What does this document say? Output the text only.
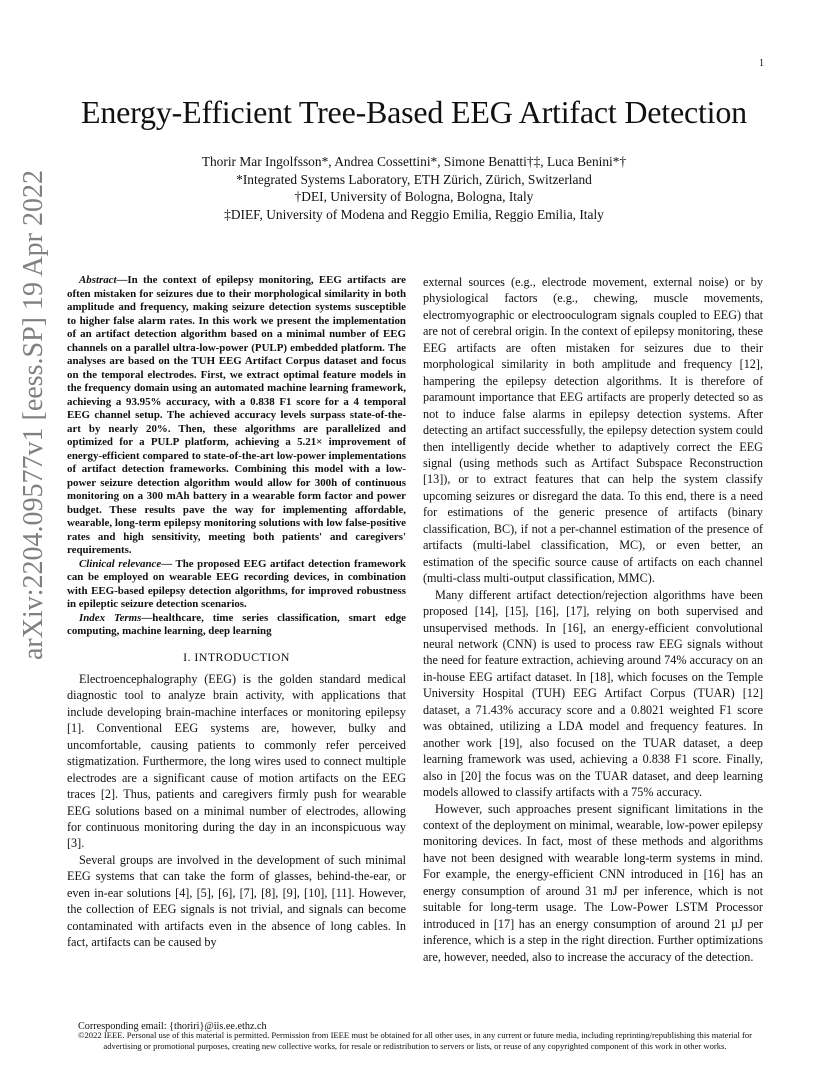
1
arXiv:2204.09577v1 [eess.SP] 19 Apr 2022
Energy-Efficient Tree-Based EEG Artifact Detection
Thorir Mar Ingolfsson*, Andrea Cossettini*, Simone Benatti†‡, Luca Benini*†
*Integrated Systems Laboratory, ETH Zürich, Zürich, Switzerland
†DEI, University of Bologna, Bologna, Italy
‡DIEF, University of Modena and Reggio Emilia, Reggio Emilia, Italy

Abstract—In the context of epilepsy monitoring, EEG artifacts are often mistaken for seizures due to their morphological similarity in both amplitude and frequency, making seizure detection systems susceptible to higher false alarm rates. In this work we present the implementation of an artifact detection algorithm based on a minimal number of EEG channels on a parallel ultra-low-power (PULP) embedded platform. The analyses are based on the TUH EEG Artifact Corpus dataset and focus on the temporal electrodes. First, we extract optimal feature models in the frequency domain using an automated machine learning framework, achieving a 93.95% accuracy, with a 0.838 F1 score for a 4 temporal EEG channel setup. The achieved accuracy levels surpass state-of-the-art by nearly 20%. Then, these algorithms are parallelized and optimized for a PULP platform, achieving a 5.21× improvement of energy-efficient compared to state-of-the-art low-power implementations of artifact detection frameworks. Combining this model with a low-power seizure detection algorithm would allow for 300h of continuous monitoring on a 300 mAh battery in a wearable form factor and power budget. These results pave the way for implementing affordable, wearable, long-term epilepsy monitoring solutions with low false-positive rates and high sensitivity, meeting both patients' and caregivers' requirements.

Clinical relevance— The proposed EEG artifact detection framework can be employed on wearable EEG recording devices, in combination with EEG-based epilepsy detection algorithms, for improved robustness in epileptic seizure detection scenarios.

Index Terms—healthcare, time series classification, smart edge computing, machine learning, deep learning

I. INTRODUCTION

Electroencephalography (EEG) is the golden standard medical diagnostic tool to analyze brain activity, with applications that include developing brain-machine interfaces or monitoring epilepsy [1]. Conventional EEG systems are, however, bulky and uncomfortable, causing patients to commonly refer perceived stigmatization. Furthermore, the long wires used to connect multiple electrodes are a significant cause of motion artifacts on the EEG traces [2]. Thus, patients and caregivers firmly push for wearable EEG solutions based on a minimal number of electrodes, allowing for continuous monitoring during the day in an inconspicuous way [3].

Several groups are involved in the development of such minimal EEG systems that can take the form of glasses, behind-the-ear, or even in-ear solutions [4], [5], [6], [7], [8], [9], [10], [11]. However, the collection of EEG signals is not trivial, and signals can become contaminated with artifacts even in the absence of long cables. In fact, artifacts can be caused by

external sources (e.g., electrode movement, external noise) or by physiological factors (e.g., chewing, muscle movements, electromyographic or electrooculogram signals coupled to EEG) that are not of cerebral origin. In the context of epilepsy monitoring, these EEG artifacts are often mistaken for seizures due to their morphological similarity in both amplitude and frequency [12], hampering the epilepsy detection algorithms. It is therefore of paramount importance that EEG artifacts are properly detected so as not to induce false alarms in epilepsy detection systems. After detecting an artifact successfully, the epilepsy detection system could then intelligently decide whether to adaptively correct the EEG signal (using methods such as Artifact Subspace Reconstruction [13]), or to extract features that can help the system classify upcoming seizures or disregard the data. To this end, there is a need for estimations of the generic presence of artifacts (binary classification, BC), if not a per-channel estimation of the presence of artifacts (multi-label classification, MC), or even better, an estimation of the specific source cause of artifacts on each channel (multi-class multi-output classification, MMC).

Many different artifact detection/rejection algorithms have been proposed [14], [15], [16], [17], relying on both supervised and unsupervised methods. In [16], an energy-efficient convolutional neural network (CNN) is used to process raw EEG signals without the need for feature extraction, achieving around 74% accuracy on an in-house EEG artifact dataset. In [18], which focuses on the Temple University Hospital (TUH) EEG Artifact Corpus (TUAR) [12] dataset, a 71.43% accuracy score and a 0.8021 weighted F1 score was obtained, utilizing a LDA model and frequency features. In another work [19], also focused on the TUAR dataset, a deep learning framework was used, achieving a 0.838 F1 score. Finally, also in [20] the focus was on the TUAR dataset, and deep learning models allowed to classify artifacts with a 75% accuracy.

However, such approaches present significant limitations in the context of the deployment on minimal, wearable, low-power epilepsy monitoring devices. In fact, most of these methods and algorithms have not been designed with wearable long-term systems in mind. For example, the energy-efficient CNN introduced in [16] has an energy consumption of around 31 mJ per inference, which is not suitable for long-term usage. The Low-Power LSTM Processor introduced in [17] has an energy consumption of around 21 µJ per inference, which is a step in the right direction. Further optimizations are, however, needed, also to increase the accuracy of the detection.

Corresponding email: {thoriri}@iis.ee.ethz.ch
©2022 IEEE. Personal use of this material is permitted. Permission from IEEE must be obtained for all other uses, in any current or future media, including reprinting/republishing this material for advertising or promotional purposes, creating new collective works, for resale or redistribution to servers or lists, or reuse of any copyrighted component of this work in other works.
